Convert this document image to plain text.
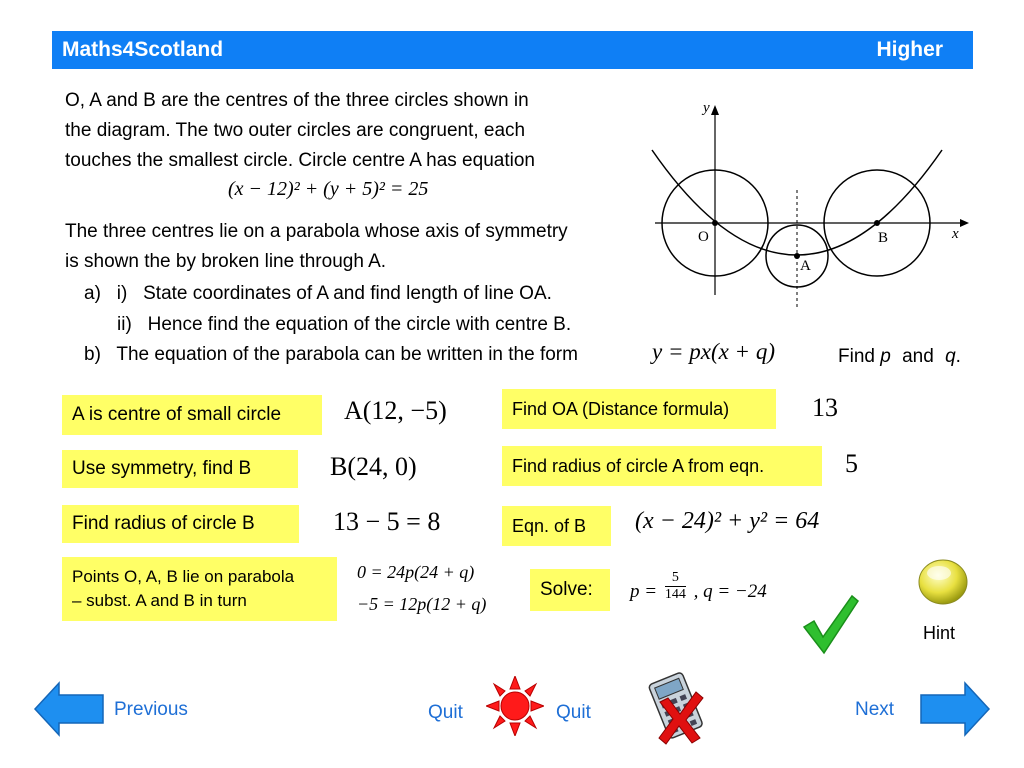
Maths4Scotland	Higher
O, A and B are the centres of the three circles shown in
the diagram. The two outer circles are congruent, each
touches the smallest circle. Circle centre A has equation
(x − 12)² + (y + 5)² = 25
The three centres lie on a parabola whose axis of symmetry
is shown the by broken line through A.
a)   i)   State coordinates of A and find length of line OA.
ii)   Hence find the equation of the circle with centre B.
b)   The equation of the parabola can be written in the form	y = px(x + q)	Find p and q.
y
x
O
A
B
A is centre of small circle	A(12, −5)
Use symmetry, find B	B(24, 0)
Find radius of circle B	13 − 5 = 8
Points O, A, B lie on parabola
– subst. A and B in turn
0 = 24p(24 + q)
−5 = 12p(12 + q)
Find OA (Distance formula)	13
Find radius of circle A from eqn.	5
Eqn. of B	(x − 24)² + y² = 64
Solve:	$p = \frac{5}{144}$ , q = −24
Hint
Previous	Quit	Quit	Next
